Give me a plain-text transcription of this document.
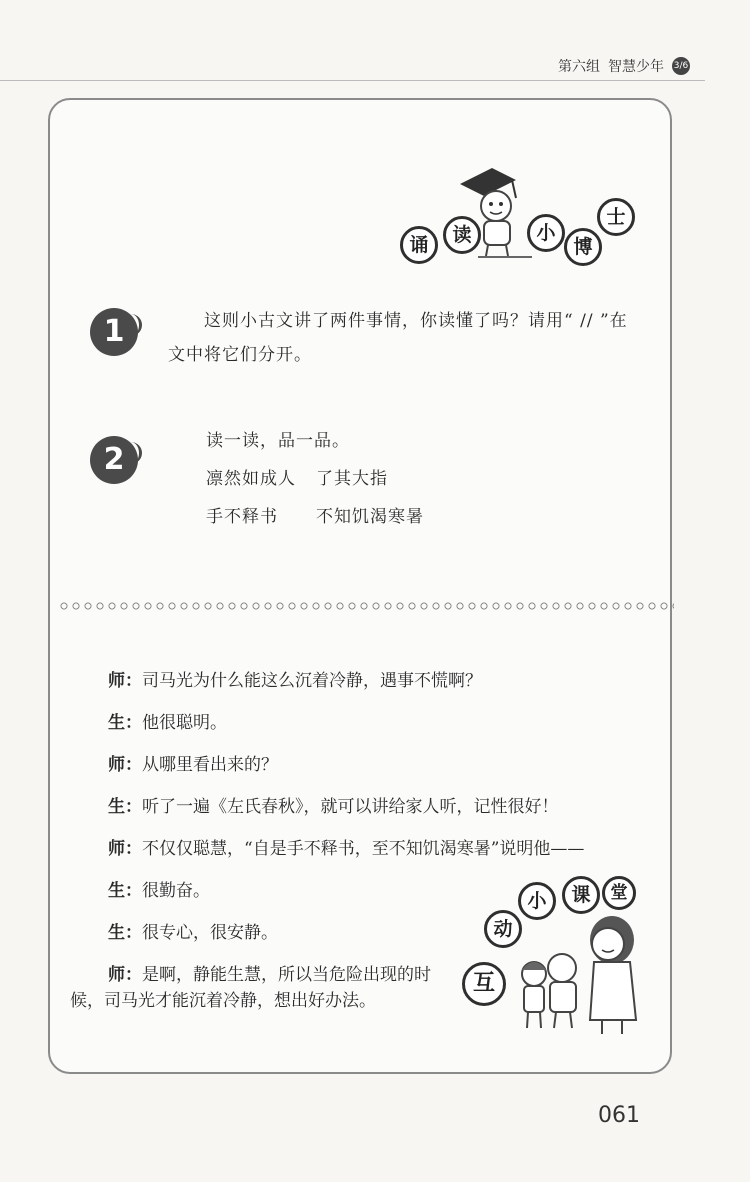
第六组 智慧少年 3/6
诵	读	小
博
士
1	这则小古文讲了两件事情，你读懂了吗？请用“ // ”在
文中将它们分开。
2
读一读，品一品。
凛然如成人 了其大指
手不释书 不知饥渴寒暑
师：司马光为什么能这么沉着冷静，遇事不慌啊？
生：他很聪明。
师：从哪里看出来的？
生：听了一遍《左氏春秋》，就可以讲给家人听，记性很好！
师：不仅仅聪慧，“自是手不释书，至不知饥渴寒暑”说明他——
生：很勤奋。
生：很专心，很安静。
师：是啊，静能生慧，所以当危险出现的时
候，司马光才能沉着冷静，想出好办法。
互
动
小	课	堂
061
